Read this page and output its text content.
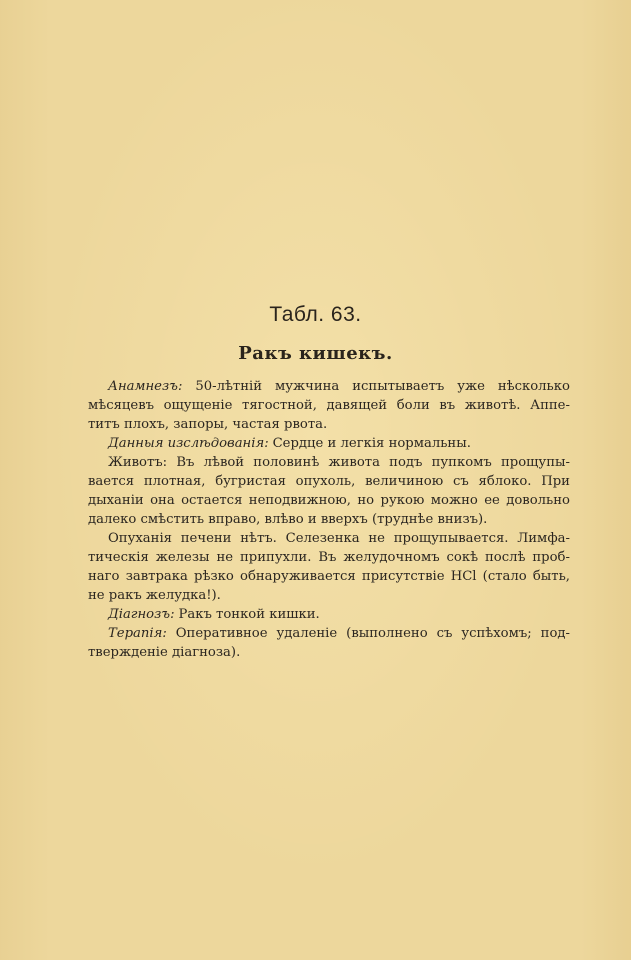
Табл. 63.
Ракъ кишекъ.
Анамнезъ: 50-лѣтній мужчина испытываетъ уже нѣсколько
мѣсяцевъ ощущеніе тягостной, давящей боли въ животѣ. Аппе-
титъ плохъ, запоры, частая рвота.
Данныя изслѣдованія: Сердце и легкія нормальны.
Животъ: Въ лѣвой половинѣ живота подъ пупкомъ прощупы-
вается плотная, бугристая опухоль, величиною съ яблоко. При
дыханіи она остается неподвижною, но рукою можно ее довольно
далеко смѣстить вправо, влѣво и вверхъ (труднѣе внизъ).
Опуханія печени нѣтъ. Селезенка не прощупывается. Лимфа-
тическія железы не припухли. Въ желудочномъ сокѣ послѣ проб-
наго завтрака рѣзко обнаруживается присутствіе HCl (стало быть,
не ракъ желудка!).
Діагнозъ: Ракъ тонкой кишки.
Терапія: Оперативное удаленіе (выполнено съ успѣхомъ; под-
твержденіе діагноза).
